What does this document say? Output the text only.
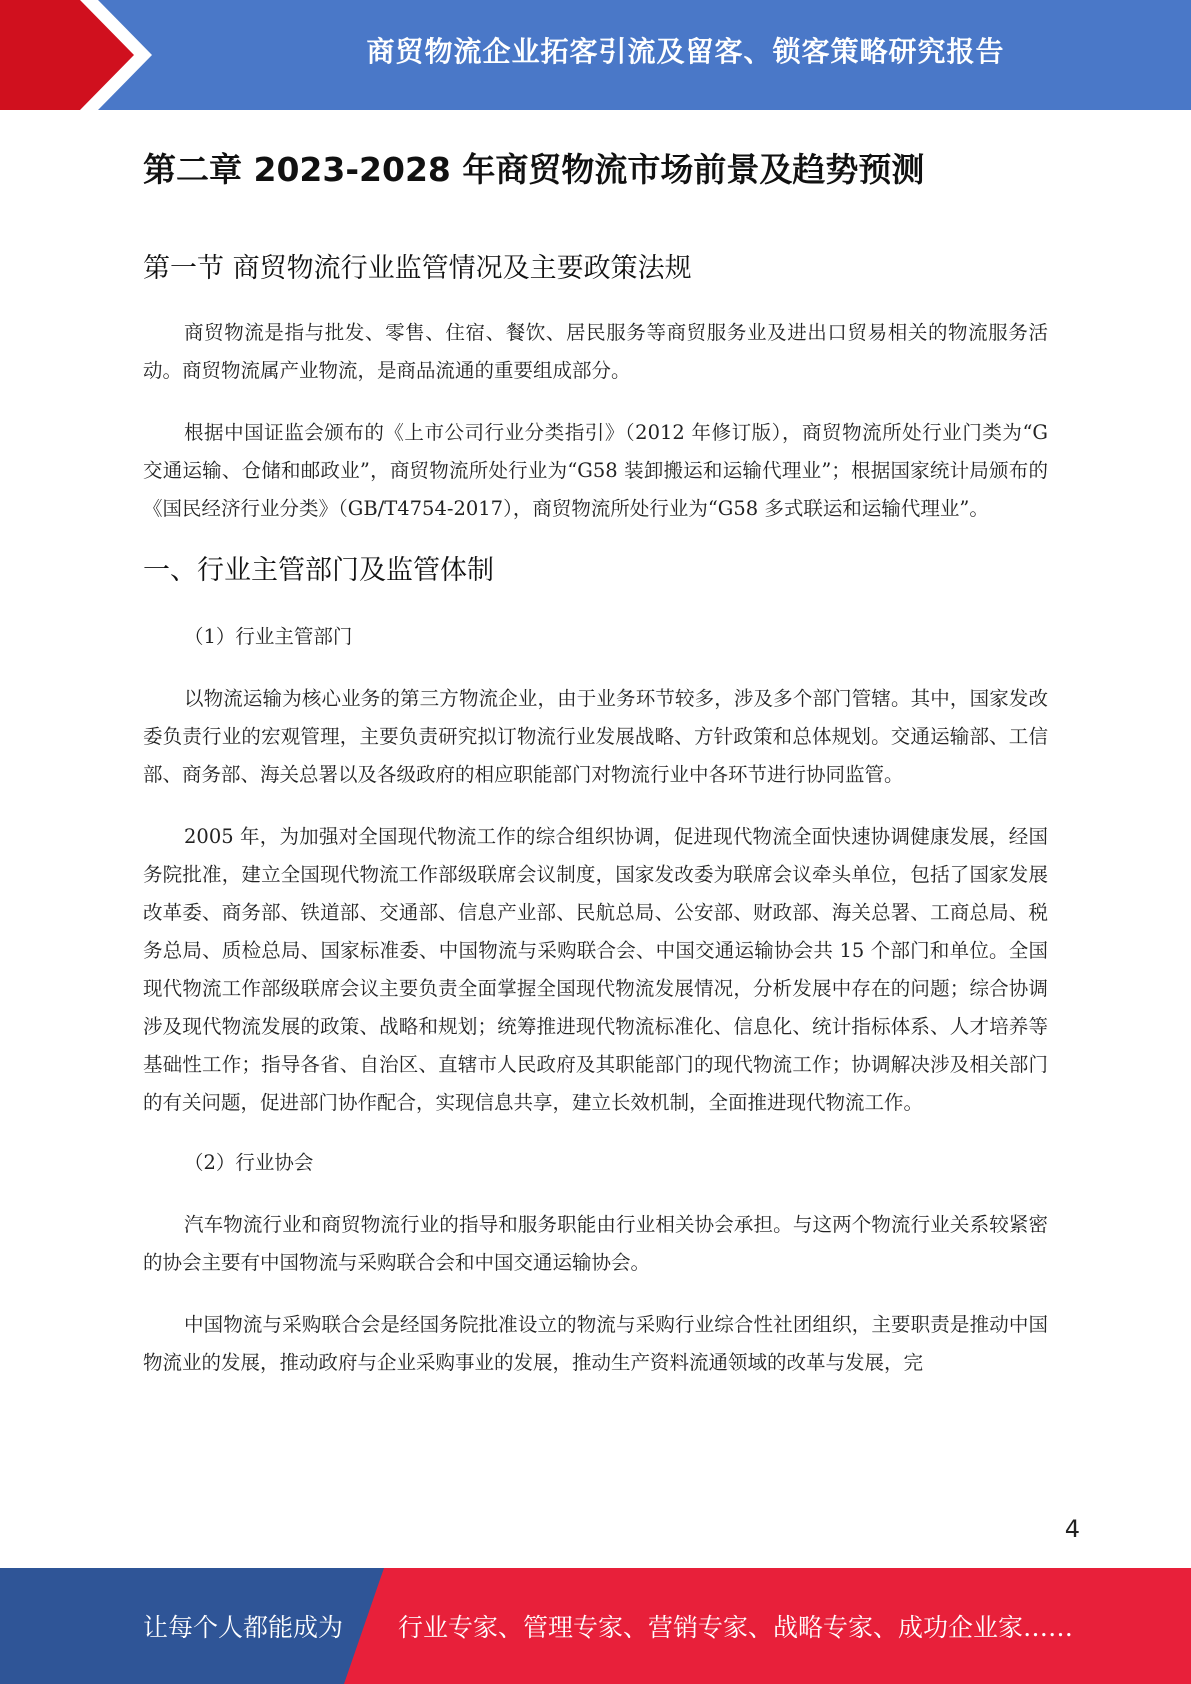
商贸物流企业拓客引流及留客、锁客策略研究报告
第二章 2023-2028 年商贸物流市场前景及趋势预测
第一节 商贸物流行业监管情况及主要政策法规

商贸物流是指与批发、零售、住宿、餐饮、居民服务等商贸服务业及进出口贸易相关的物流服务活动。商贸物流属产业物流，是商品流通的重要组成部分。

根据中国证监会颁布的《上市公司行业分类指引》（2012 年修订版），商贸物流所处行业门类为“G 交通运输、仓储和邮政业”，商贸物流所处行业为“G58 装卸搬运和运输代理业”；根据国家统计局颁布的《国民经济行业分类》（GB/T4754-2017），商贸物流所处行业为“G58 多式联运和运输代理业”。

一、行业主管部门及监管体制
（1）行业主管部门

以物流运输为核心业务的第三方物流企业，由于业务环节较多，涉及多个部门管辖。其中，国家发改委负责行业的宏观管理，主要负责研究拟订物流行业发展战略、方针政策和总体规划。交通运输部、工信部、商务部、海关总署以及各级政府的相应职能部门对物流行业中各环节进行协同监管。

2005 年，为加强对全国现代物流工作的综合组织协调，促进现代物流全面快速协调健康发展，经国务院批准，建立全国现代物流工作部级联席会议制度，国家发改委为联席会议牵头单位，包括了国家发展改革委、商务部、铁道部、交通部、信息产业部、民航总局、公安部、财政部、海关总署、工商总局、税务总局、质检总局、国家标准委、中国物流与采购联合会、中国交通运输协会共 15 个部门和单位。全国现代物流工作部级联席会议主要负责全面掌握全国现代物流发展情况，分析发展中存在的问题；综合协调涉及现代物流发展的政策、战略和规划；统筹推进现代物流标准化、信息化、统计指标体系、人才培养等基础性工作；指导各省、自治区、直辖市人民政府及其职能部门的现代物流工作；协调解决涉及相关部门的有关问题，促进部门协作配合，实现信息共享，建立长效机制，全面推进现代物流工作。

（2）行业协会

汽车物流行业和商贸物流行业的指导和服务职能由行业相关协会承担。与这两个物流行业关系较紧密的协会主要有中国物流与采购联合会和中国交通运输协会。

中国物流与采购联合会是经国务院批准设立的物流与采购行业综合性社团组织，主要职责是推动中国物流业的发展，推动政府与企业采购事业的发展，推动生产资料流通领域的改革与发展，完

4
让每个人都能成为 行业专家、管理专家、营销专家、战略专家、成功企业家……
